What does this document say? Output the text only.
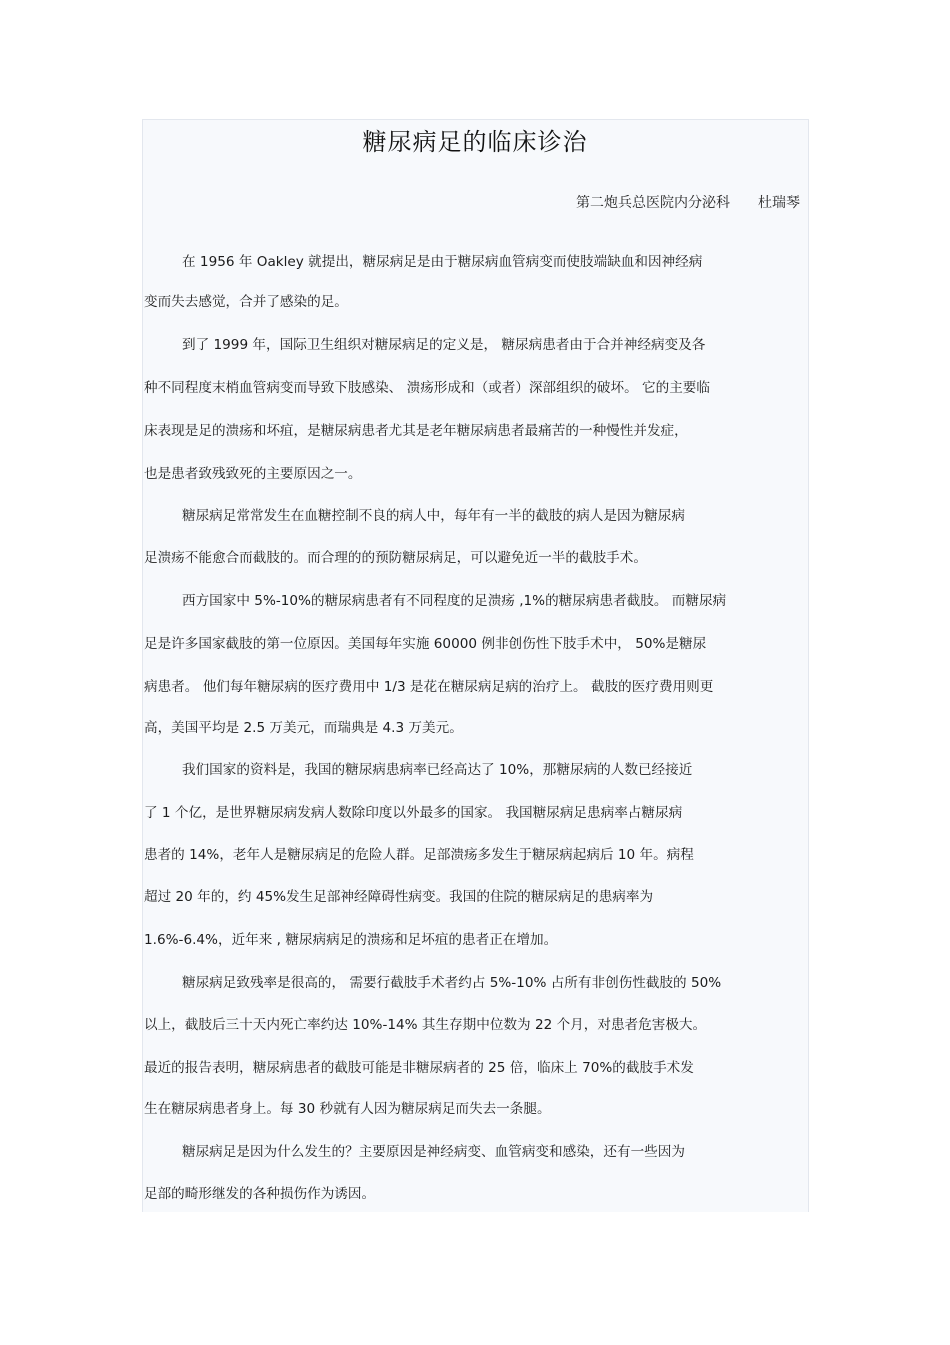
糖尿病足的临床诊治
第二炮兵总医院内分泌科 杜瑞琴
在 1956 年 Oakley 就提出，糖尿病足是由于糖尿病血管病变而使肢端缺血和因神经病
变而失去感觉，合并了感染的足。
到了 1999 年，国际卫生组织对糖尿病足的定义是， 糖尿病患者由于合并神经病变及各
种不同程度末梢血管病变而导致下肢感染、 溃疡形成和（或者）深部组织的破坏。 它的主要临
床表现是足的溃疡和坏疽，是糖尿病患者尤其是老年糖尿病患者最痛苦的一种慢性并发症，
也是患者致残致死的主要原因之一。
糖尿病足常常发生在血糖控制不良的病人中，每年有一半的截肢的病人是因为糖尿病
足溃疡不能愈合而截肢的。而合理的的预防糖尿病足，可以避免近一半的截肢手术。
西方国家中 5%-10%的糖尿病患者有不同程度的足溃疡 ,1%的糖尿病患者截肢。 而糖尿病
足是许多国家截肢的第一位原因。美国每年实施 60000 例非创伤性下肢手术中， 50%是糖尿
病患者。 他们每年糖尿病的医疗费用中 1/3 是花在糖尿病足病的治疗上。 截肢的医疗费用则更
高，美国平均是 2.5 万美元，而瑞典是 4.3 万美元。
我们国家的资料是，我国的糖尿病患病率已经高达了 10%，那糖尿病的人数已经接近
了 1 个亿，是世界糖尿病发病人数除印度以外最多的国家。 我国糖尿病足患病率占糖尿病
患者的 14%，老年人是糖尿病足的危险人群。足部溃疡多发生于糖尿病起病后 10 年。病程
超过 20 年的，约 45%发生足部神经障碍性病变。我国的住院的糖尿病足的患病率为
1.6%-6.4%，近年来 , 糖尿病病足的溃疡和足坏疽的患者正在增加。
糖尿病足致残率是很高的， 需要行截肢手术者约占 5%-10% 占所有非创伤性截肢的 50%
以上，截肢后三十天内死亡率约达 10%-14% 其生存期中位数为 22 个月，对患者危害极大。
最近的报告表明，糖尿病患者的截肢可能是非糖尿病者的 25 倍，临床上 70%的截肢手术发
生在糖尿病患者身上。每 30 秒就有人因为糖尿病足而失去一条腿。
糖尿病足是因为什么发生的？主要原因是神经病变、血管病变和感染，还有一些因为
足部的畸形继发的各种损伤作为诱因。
